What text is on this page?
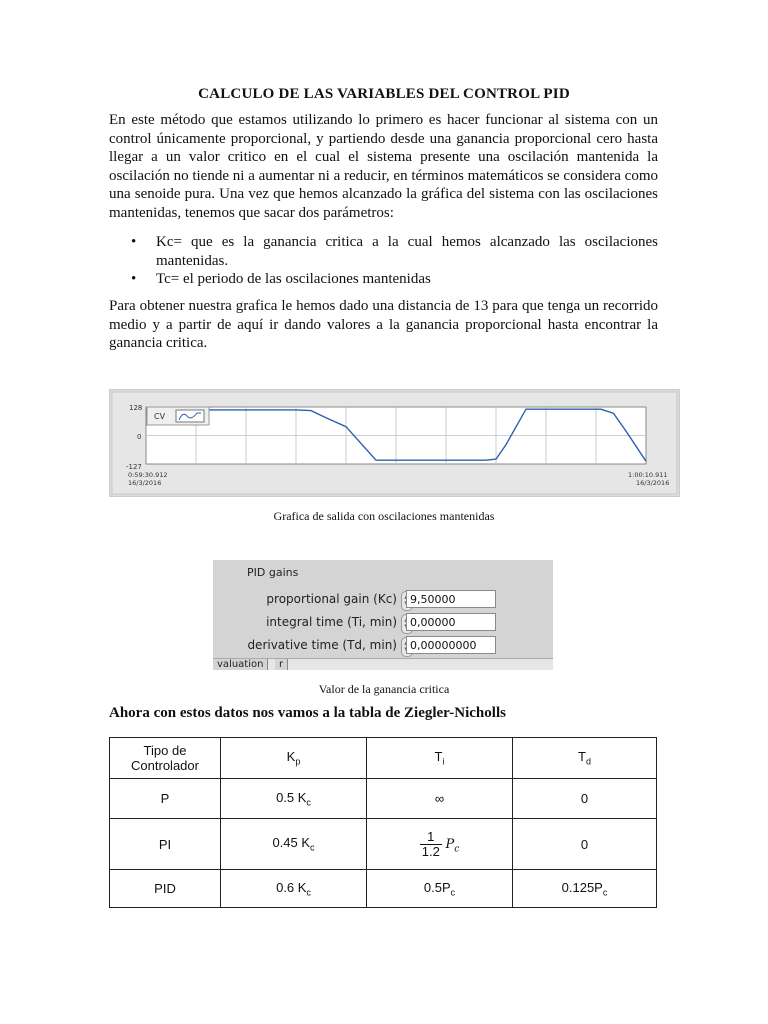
CALCULO DE LAS VARIABLES DEL CONTROL PID
En este método que estamos utilizando lo primero es hacer funcionar al sistema con un control únicamente proporcional, y partiendo desde una ganancia proporcional cero hasta llegar a un valor critico en el cual el sistema presente una oscilación mantenida la oscilación no tiende ni a aumentar ni a reducir, en términos matemáticos se considera como una senoide pura. Una vez que hemos alcanzado la gráfica del sistema con las oscilaciones mantenidas, tenemos que sacar dos parámetros:
• Kc= que es la ganancia critica a la cual hemos alcanzado las oscilaciones mantenidas.
• Tc= el periodo de las oscilaciones mantenidas
Para obtener nuestra grafica le hemos dado una distancia de 13 para que tenga un recorrido medio y a partir de aquí ir dando valores a la ganancia proporcional hasta encontrar la ganancia critica.
CV
128
0
-127
0:59:30.912
16/3/2016
1:00:10.911
16/3/2016
Grafica de salida con oscilaciones mantenidas
PID gains
proportional gain (Kc)	9,50000
integral time (Ti, min)	0,00000
derivative time (Td, min)	0,00000000
valuation	r
Valor de la ganancia critica
Ahora con estos datos nos vamos a la tabla de Ziegler-Nicholls
Tipo de Controlador	$K_p$	$T_i$	$T_d$
P	0.5 $K_c$	∞	0
PI	0.45 $K_c$	$\frac{1}{1.2} P_c$	0
PID	0.6 $K_c$	$0.5P_c$	$0.125P_c$
